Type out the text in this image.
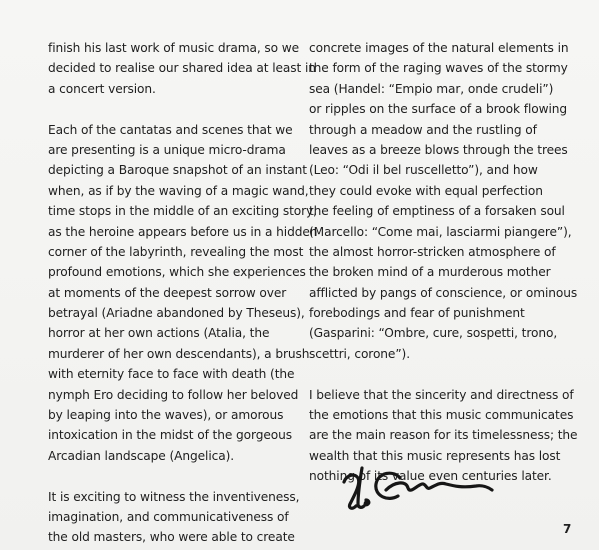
finish his last work of music drama, so we
decided to realise our shared idea at least in
a concert version.
Each of the cantatas and scenes that we
are presenting is a unique micro-drama
depicting a Baroque snapshot of an instant
when, as if by the waving of a magic wand,
time stops in the middle of an exciting story,
as the heroine appears before us in a hidden
corner of the labyrinth, revealing the most
profound emotions, which she experiences
at moments of the deepest sorrow over
betrayal (Ariadne abandoned by Theseus),
horror at her own actions (Atalia, the
murderer of her own descendants), a brush
with eternity face to face with death (the
nymph Ero deciding to follow her beloved
by leaping into the waves), or amorous
intoxication in the midst of the gorgeous
Arcadian landscape (Angelica).
It is exciting to witness the inventiveness,
imagination, and communicativeness of
the old masters, who were able to create
concrete images of the natural elements in
the form of the raging waves of the stormy
sea (Handel: “Empio mar, onde crudeli”)
or ripples on the surface of a brook flowing
through a meadow and the rustling of
leaves as a breeze blows through the trees
(Leo: “Odi il bel ruscelletto”), and how
they could evoke with equal perfection
the feeling of emptiness of a forsaken soul
(Marcello: “Come mai, lasciarmi piangere”),
the almost horror-stricken atmosphere of
the broken mind of a murderous mother
afflicted by pangs of conscience, or ominous
forebodings and fear of punishment
(Gasparini: “Ombre, cure, sospetti, trono,
scettri, corone”).
I believe that the sincerity and directness of
the emotions that this music communicates
are the main reason for its timelessness; the
wealth that this music represents has lost
nothing of its value even centuries later.
7
